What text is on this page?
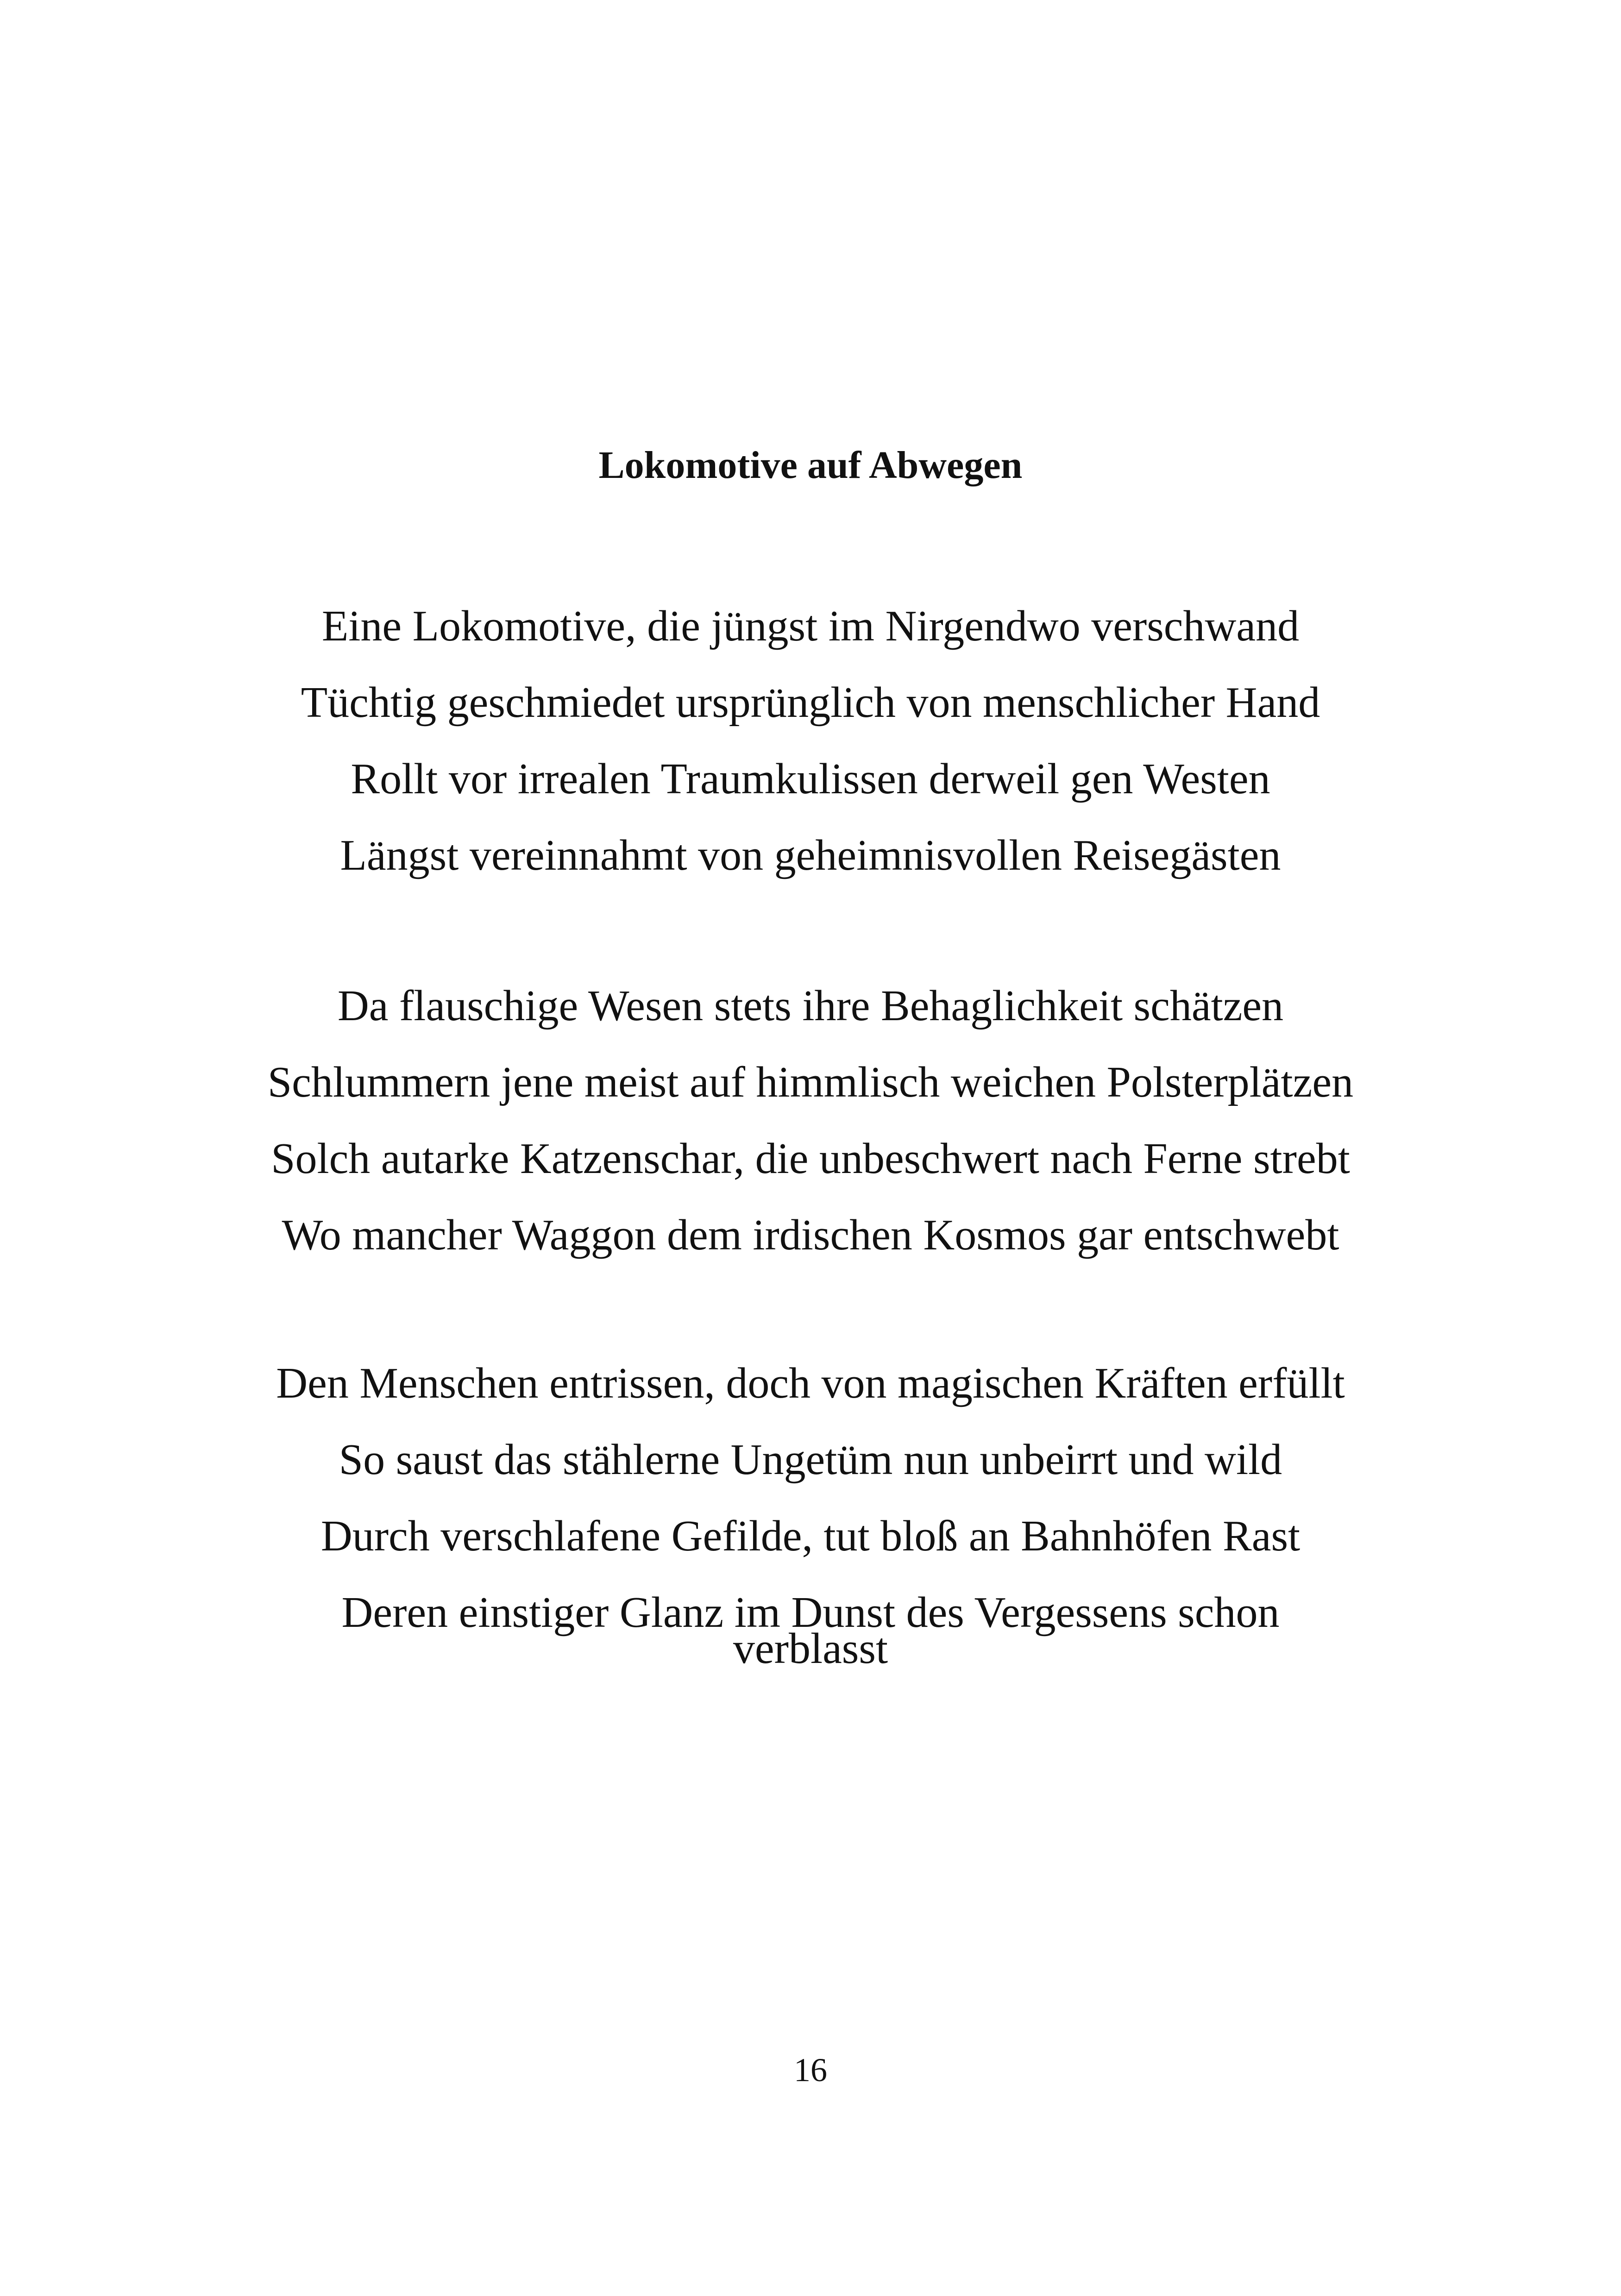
Lokomotive auf Abwegen
Eine Lokomotive, die jüngst im Nirgendwo verschwand
Tüchtig geschmiedet ursprünglich von menschlicher Hand
Rollt vor irrealen Traumkulissen derweil gen Westen
Längst vereinnahmt von geheimnisvollen Reisegästen
Da flauschige Wesen stets ihre Behaglichkeit schätzen
Schlummern jene meist auf himmlisch weichen Polsterplätzen
Solch autarke Katzenschar, die unbeschwert nach Ferne strebt
Wo mancher Waggon dem irdischen Kosmos gar entschwebt
Den Menschen entrissen, doch von magischen Kräften erfüllt
So saust das stählerne Ungetüm nun unbeirrt und wild
Durch verschlafene Gefilde, tut bloß an Bahnhöfen Rast
Deren einstiger Glanz im Dunst des Vergessens schon
verblasst
16
